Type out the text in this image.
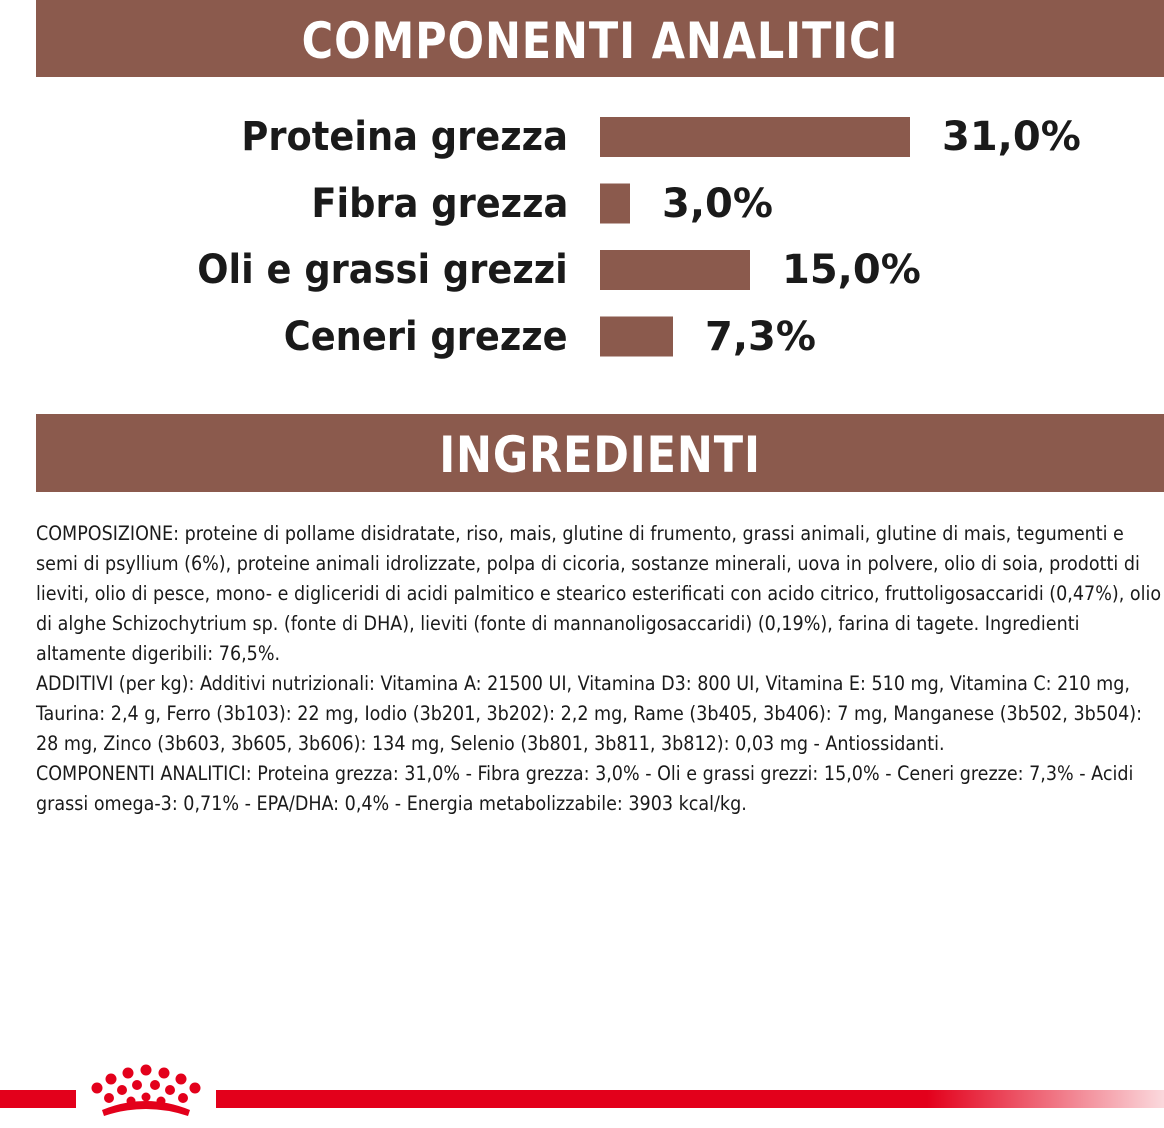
COMPONENTI ANALITICI
Proteina grezza	31,0%
Fibra grezza 3,0%
Oli e grassi grezzi	15,0%
Ceneri grezze	7,3%
INGREDIENTI

COMPOSIZIONE: proteine di pollame disidratate, riso, mais, glutine di frumento, grassi animali, glutine di mais, tegumenti e semi di psyllium (6%), proteine animali idrolizzate, polpa di cicoria, sostanze minerali, uova in polvere, olio di soia, prodotti di lieviti, olio di pesce, mono- e digliceridi di acidi palmitico e stearico esterificati con acido citrico, fruttoligosaccaridi (0,47%), olio di alghe Schizochytrium sp. (fonte di DHA), lieviti (fonte di mannanoligosaccaridi) (0,19%), farina di tagete. Ingredienti altamente digeribili: 76,5%.

ADDITIVI (per kg): Additivi nutrizionali: Vitamina A: 21500 UI, Vitamina D3: 800 UI, Vitamina E: 510 mg, Vitamina C: 210 mg, Taurina: 2,4 g, Ferro (3b103): 22 mg, Iodio (3b201, 3b202): 2,2 mg, Rame (3b405, 3b406): 7 mg, Manganese (3b502, 3b504): 28 mg, Zinco (3b603, 3b605, 3b606): 134 mg, Selenio (3b801, 3b811, 3b812): 0,03 mg - Antiossidanti.

COMPONENTI ANALITICI: Proteina grezza: 31,0% - Fibra grezza: 3,0% - Oli e grassi grezzi: 15,0% - Ceneri grezze: 7,3% - Acidi grassi omega-3: 0,71% - EPA/DHA: 0,4% - Energia metabolizzabile: 3903 kcal/kg.
